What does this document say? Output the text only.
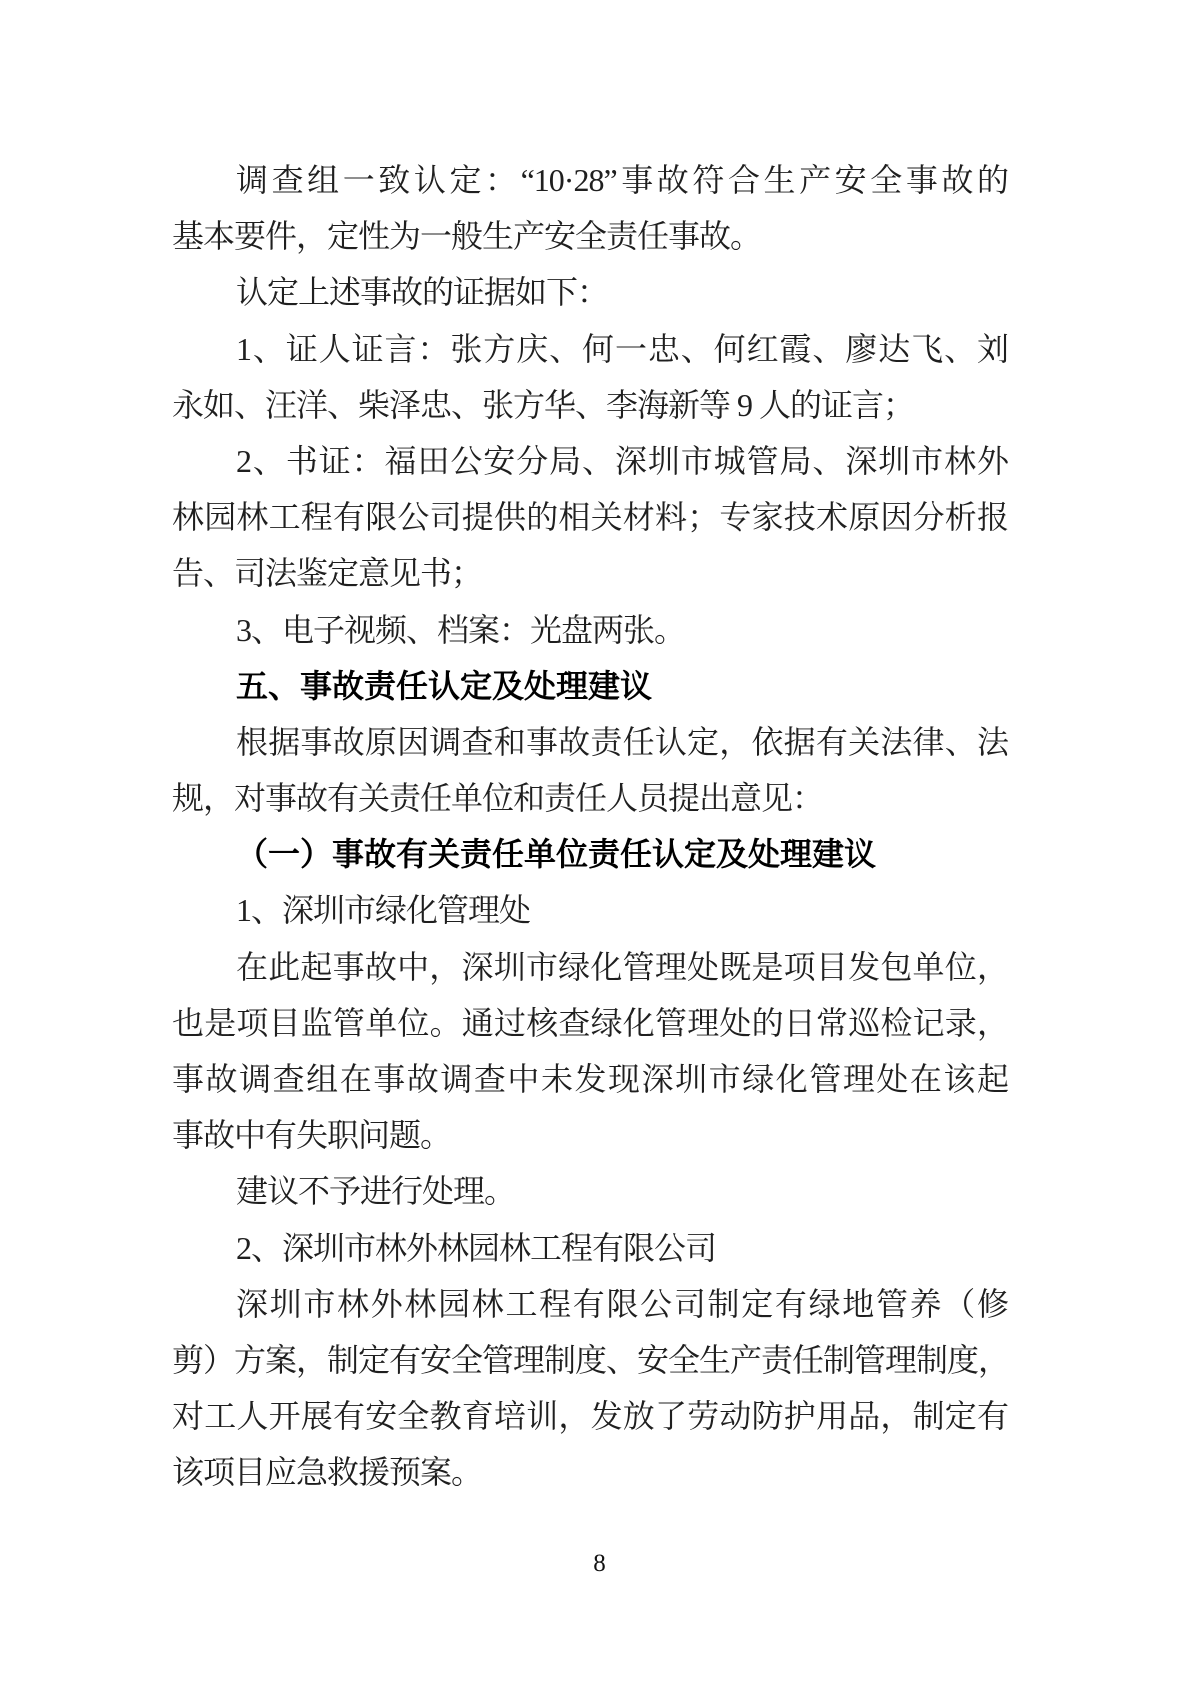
调查组一致认定：“10·28”事故符合生产安全事故的
基本要件，定性为一般生产安全责任事故。
认定上述事故的证据如下：
1、证人证言：张方庆、何一忠、何红霞、廖达飞、刘
永如、汪洋、柴泽忠、张方华、李海新等 9 人的证言；
2、书证：福田公安分局、深圳市城管局、深圳市林外
林园林工程有限公司提供的相关材料；专家技术原因分析报
告、司法鉴定意见书；
3、电子视频、档案：光盘两张。
五、事故责任认定及处理建议
根据事故原因调查和事故责任认定，依据有关法律、法
规，对事故有关责任单位和责任人员提出意见：
（一）事故有关责任单位责任认定及处理建议
1、深圳市绿化管理处
在此起事故中，深圳市绿化管理处既是项目发包单位，
也是项目监管单位。通过核查绿化管理处的日常巡检记录，
事故调查组在事故调查中未发现深圳市绿化管理处在该起
事故中有失职问题。
建议不予进行处理。
2、深圳市林外林园林工程有限公司
深圳市林外林园林工程有限公司制定有绿地管养（修
剪）方案，制定有安全管理制度、安全生产责任制管理制度，
对工人开展有安全教育培训，发放了劳动防护用品，制定有
该项目应急救援预案。
8
